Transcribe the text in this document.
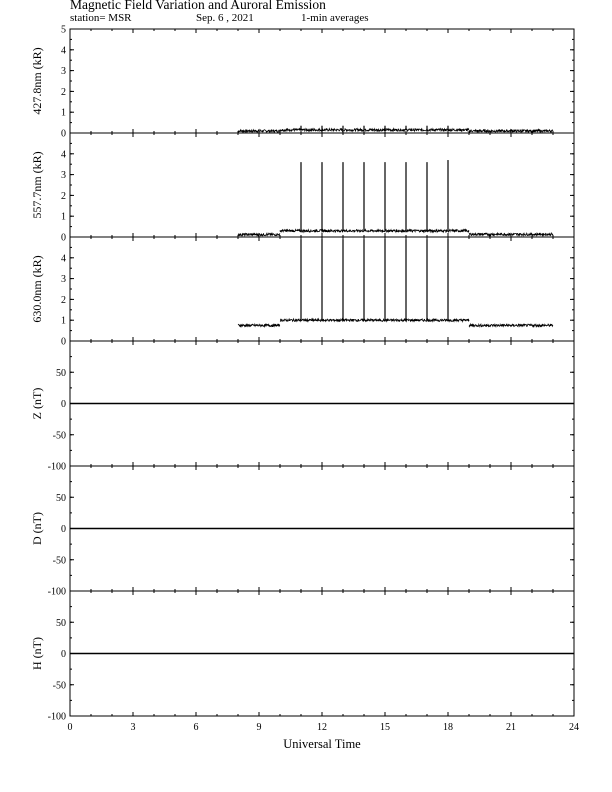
Magnetic Field Variation and Auroral Emission
station= MSR	Sep. 6 , 2021	1-min averages
0
1
2
3
4
5
427.8nm (kR)
0
1
2
3
4
557.7nm (kR)
0
1
2
3
4
630.0nm (kR)
-100
-50
0
50
Z (nT)
-100
-50
0
50
D (nT)
-100
-50
0
50
H (nT)
0	3	6	9	12	15	18	21	24
Universal Time
